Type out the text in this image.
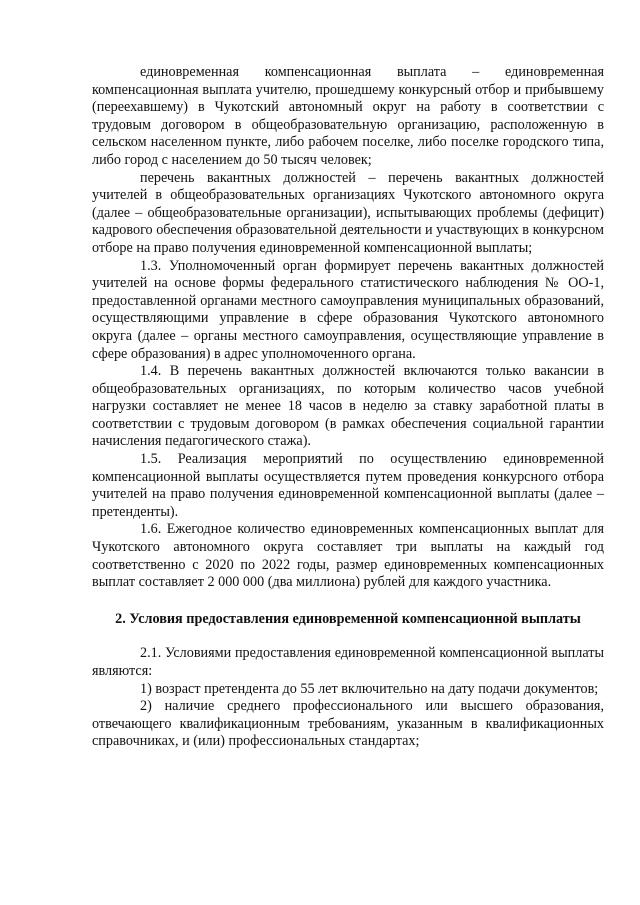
единовременная компенсационная выплата – единовременная компенсационная выплата учителю, прошедшему конкурсный отбор и прибывшему (переехавшему) в Чукотский автономный округ на работу в соответствии с трудовым договором в общеобразовательную организацию, расположенную в сельском населенном пункте, либо рабочем поселке, либо поселке городского типа, либо город с населением до 50 тысяч человек;

перечень вакантных должностей – перечень вакантных должностей учителей в общеобразовательных организациях Чукотского автономного округа (далее – общеобразовательные организации), испытывающих проблемы (дефицит) кадрового обеспечения образовательной деятельности и участвующих в конкурсном отборе на право получения единовременной компенсационной выплаты;

1.3. Уполномоченный орган формирует перечень вакантных должностей учителей на основе формы федерального статистического наблюдения № ОО-1, предоставленной органами местного самоуправления муниципальных образований, осуществляющими управление в сфере образования Чукотского автономного округа (далее – органы местного самоуправления, осуществляющие управление в сфере образования) в адрес уполномоченного органа.

1.4. В перечень вакантных должностей включаются только вакансии в общеобразовательных организациях, по которым количество часов учебной нагрузки составляет не менее 18 часов в неделю за ставку заработной платы в соответствии с трудовым договором (в рамках обеспечения социальной гарантии начисления педагогического стажа).

1.5. Реализация мероприятий по осуществлению единовременной компенсационной выплаты осуществляется путем проведения конкурсного отбора учителей на право получения единовременной компенсационной выплаты (далее – претенденты).

1.6. Ежегодное количество единовременных компенсационных выплат для Чукотского автономного округа составляет три выплаты на каждый год соответственно с 2020 по 2022 годы, размер единовременных компенсационных выплат составляет 2 000 000 (два миллиона) рублей для каждого участника.

2. Условия предоставления единовременной компенсационной выплаты

2.1. Условиями предоставления единовременной компенсационной выплаты являются:

1) возраст претендента до 55 лет включительно на дату подачи документов;

2) наличие среднего профессионального или высшего образования, отвечающего квалификационным требованиям, указанным в квалификационных справочниках, и (или) профессиональных стандартах;
